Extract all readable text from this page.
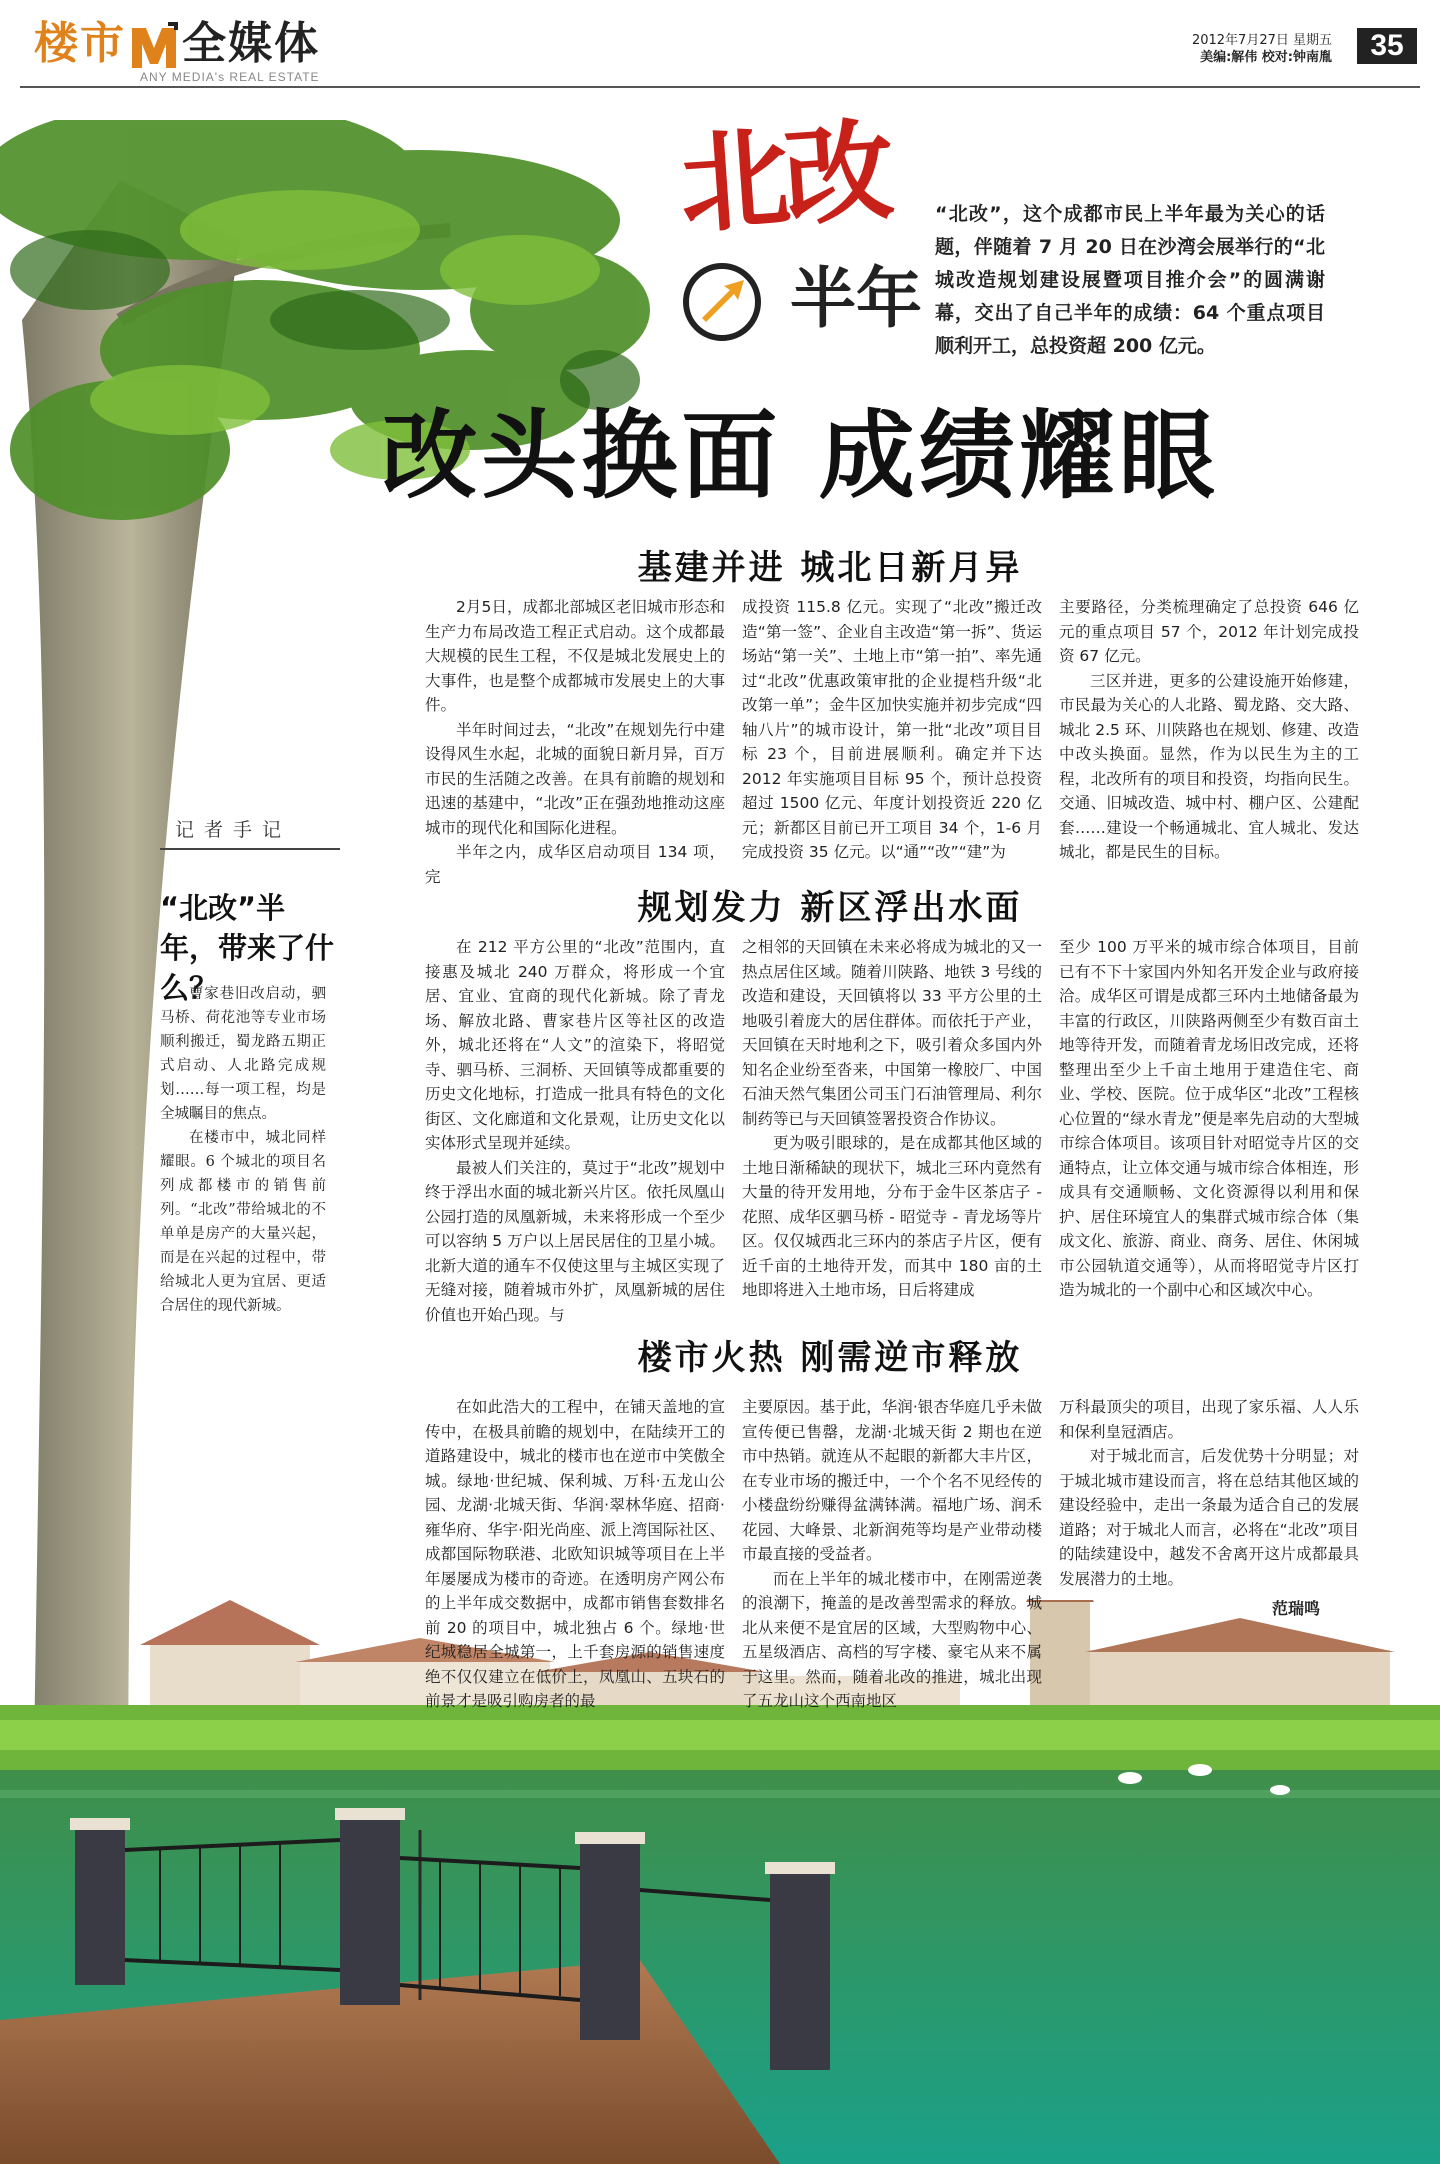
楼市 全媒体
ANY MEDIA's REAL ESTATE
2012年7月27日 星期五
美编:解伟 校对:钟南胤	35
北改
半年
“北改”，这个成都市民上半年最为关心的话题，伴随着 7 月 20 日在沙湾会展举行的“北城改造规划建设展暨项目推介会”的圆满谢幕，交出了自己半年的成绩：64 个重点项目顺利开工，总投资超 200 亿元。
改头换面 成绩耀眼
基建并进 城北日新月异

2月5日，成都北部城区老旧城市形态和生产力布局改造工程正式启动。这个成都最大规模的民生工程，不仅是城北发展史上的大事件，也是整个成都城市发展史上的大事件。

半年时间过去，“北改”在规划先行中建设得风生水起，北城的面貌日新月异，百万市民的生活随之改善。在具有前瞻的规划和迅速的基建中，“北改”正在强劲地推动这座城市的现代化和国际化进程。

半年之内，成华区启动项目 134 项，完

成投资 115.8 亿元。实现了“北改”搬迁改造“第一签”、企业自主改造“第一拆”、货运场站“第一关”、土地上市“第一拍”、率先通过“北改”优惠政策审批的企业提档升级“北改第一单”；金牛区加快实施并初步完成“四轴八片”的城市设计，第一批“北改”项目目标 23 个，目前进展顺利。确定并下达 2012 年实施项目目标 95 个，预计总投资超过 1500 亿元、年度计划投资近 220 亿元；新都区目前已开工项目 34 个，1-6 月完成投资 35 亿元。以“通”“改”“建”为

主要路径，分类梳理确定了总投资 646 亿元的重点项目 57 个，2012 年计划完成投资 67 亿元。

三区并进，更多的公建设施开始修建，市民最为关心的人北路、蜀龙路、交大路、城北 2.5 环、川陕路也在规划、修建、改造中改头换面。显然，作为以民生为主的工程，北改所有的项目和投资，均指向民生。交通、旧城改造、城中村、棚户区、公建配套……建设一个畅通城北、宜人城北、发达城北，都是民生的目标。

规划发力 新区浮出水面

在 212 平方公里的“北改”范围内，直接惠及城北 240 万群众，将形成一个宜居、宜业、宜商的现代化新城。除了青龙场、解放北路、曹家巷片区等社区的改造外，城北还将在“人文”的渲染下，将昭觉寺、驷马桥、三洞桥、天回镇等成都重要的历史文化地标，打造成一批具有特色的文化街区、文化廊道和文化景观，让历史文化以实体形式呈现并延续。

最被人们关注的，莫过于“北改”规划中终于浮出水面的城北新兴片区。依托凤凰山公园打造的凤凰新城，未来将形成一个至少可以容纳 5 万户以上居民居住的卫星小城。北新大道的通车不仅使这里与主城区实现了无缝对接，随着城市外扩，凤凰新城的居住价值也开始凸现。与

之相邻的天回镇在未来必将成为城北的又一热点居住区域。随着川陕路、地铁 3 号线的改造和建设，天回镇将以 33 平方公里的土地吸引着庞大的居住群体。而依托于产业，天回镇在天时地利之下，吸引着众多国内外知名企业纷至沓来，中国第一橡胶厂、中国石油天然气集团公司玉门石油管理局、利尔制药等已与天回镇签署投资合作协议。

更为吸引眼球的，是在成都其他区域的土地日渐稀缺的现状下，城北三环内竟然有大量的待开发用地，分布于金牛区茶店子 - 花照、成华区驷马桥 - 昭觉寺 - 青龙场等片区。仅仅城西北三环内的茶店子片区，便有近千亩的土地待开发，而其中 180 亩的土地即将进入土地市场，日后将建成

至少 100 万平米的城市综合体项目，目前已有不下十家国内外知名开发企业与政府接洽。成华区可谓是成都三环内土地储备最为丰富的行政区，川陕路两侧至少有数百亩土地等待开发，而随着青龙场旧改完成，还将整理出至少上千亩土地用于建造住宅、商业、学校、医院。位于成华区“北改”工程核心位置的“绿水青龙”便是率先启动的大型城市综合体项目。该项目针对昭觉寺片区的交通特点，让立体交通与城市综合体相连，形成具有交通顺畅、文化资源得以利用和保护、居住环境宜人的集群式城市综合体（集成文化、旅游、商业、商务、居住、休闲城市公园轨道交通等），从而将昭觉寺片区打造为城北的一个副中心和区域次中心。

楼市火热 刚需逆市释放

在如此浩大的工程中，在铺天盖地的宣传中，在极具前瞻的规划中，在陆续开工的道路建设中，城北的楼市也在逆市中笑傲全城。绿地·世纪城、保利城、万科·五龙山公园、龙湖·北城天街、华润·翠林华庭、招商·雍华府、华宇·阳光尚座、派上湾国际社区、成都国际物联港、北欧知识城等项目在上半年屡屡成为楼市的奇迹。在透明房产网公布的上半年成交数据中，成都市销售套数排名前 20 的项目中，城北独占 6 个。绿地·世纪城稳居全城第一，上千套房源的销售速度绝不仅仅建立在低价上，凤凰山、五块石的前景才是吸引购房者的最

主要原因。基于此，华润·银杏华庭几乎未做宣传便已售罄，龙湖·北城天街 2 期也在逆市中热销。就连从不起眼的新都大丰片区，在专业市场的搬迁中，一个个名不见经传的小楼盘纷纷赚得盆满钵满。福地广场、润禾花园、大峰景、北新润苑等均是产业带动楼市最直接的受益者。

而在上半年的城北楼市中，在刚需逆袭的浪潮下，掩盖的是改善型需求的释放。城北从来便不是宜居的区域，大型购物中心、五星级酒店、高档的写字楼、豪宅从来不属于这里。然而，随着北改的推进，城北出现了五龙山这个西南地区

万科最顶尖的项目，出现了家乐福、人人乐和保利皇冠酒店。

对于城北而言，后发优势十分明显；对于城北城市建设而言，将在总结其他区域的建设经验中，走出一条最为适合自己的发展道路；对于城北人而言，必将在“北改”项目的陆续建设中，越发不舍离开这片成都最具发展潜力的土地。

范瑞鸣
记者手记
“北改”半年，带来了什么？

曹家巷旧改启动，驷马桥、荷花池等专业市场顺利搬迁，蜀龙路五期正式启动、人北路完成规划……每一项工程，均是全城瞩目的焦点。

在楼市中，城北同样耀眼。6 个城北的项目名列成都楼市的销售前列。“北改”带给城北的不单单是房产的大量兴起，而是在兴起的过程中，带给城北人更为宜居、更适合居住的现代新城。
